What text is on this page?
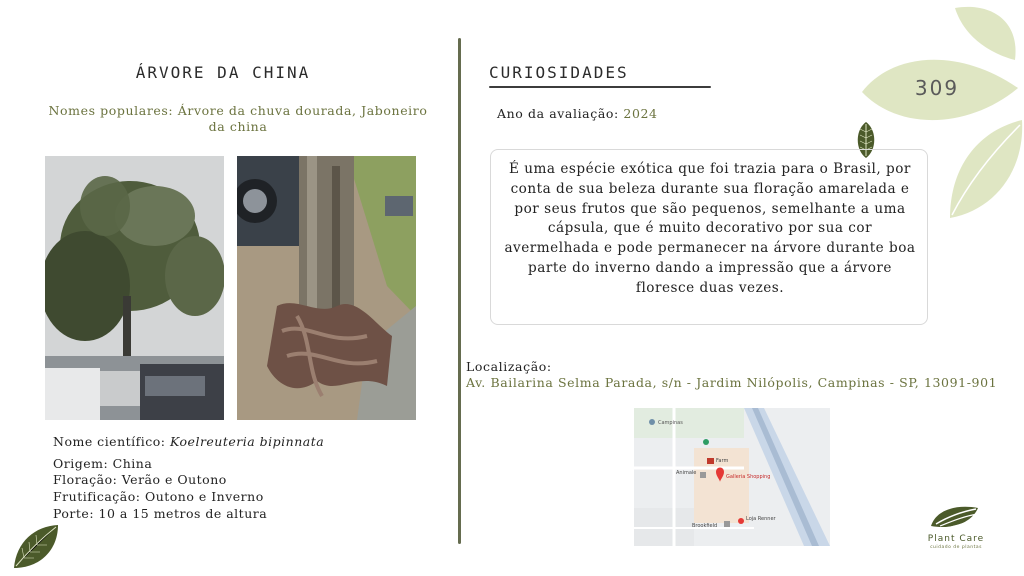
309
ÁRVORE DA CHINA
Nomes populares: Árvore da chuva dourada, Jaboneiro da china
Nome científico: Koelreuteria bipinnata
Origem: China
Floração: Verão e Outono
Frutificação: Outono e Inverno
Porte: 10 a 15 metros de altura
CURIOSIDADES
Ano da avaliação: 2024
É uma espécie exótica que foi trazia para o Brasil, por conta de sua beleza durante sua floração amarelada e por seus frutos que são pequenos, semelhante a uma cápsula, que é muito decorativo por sua cor avermelhada e pode permanecer na árvore durante boa parte do inverno dando a impressão que a árvore floresce duas vezes.
Localização:
Av. Bailarina Selma Parada, s/n - Jardim Nilópolis, Campinas - SP, 13091-901
Galleria Shopping
Farm
Animale
Loja Renner
Brookfield
Campinas
Plant Care
cuidado de plantas
